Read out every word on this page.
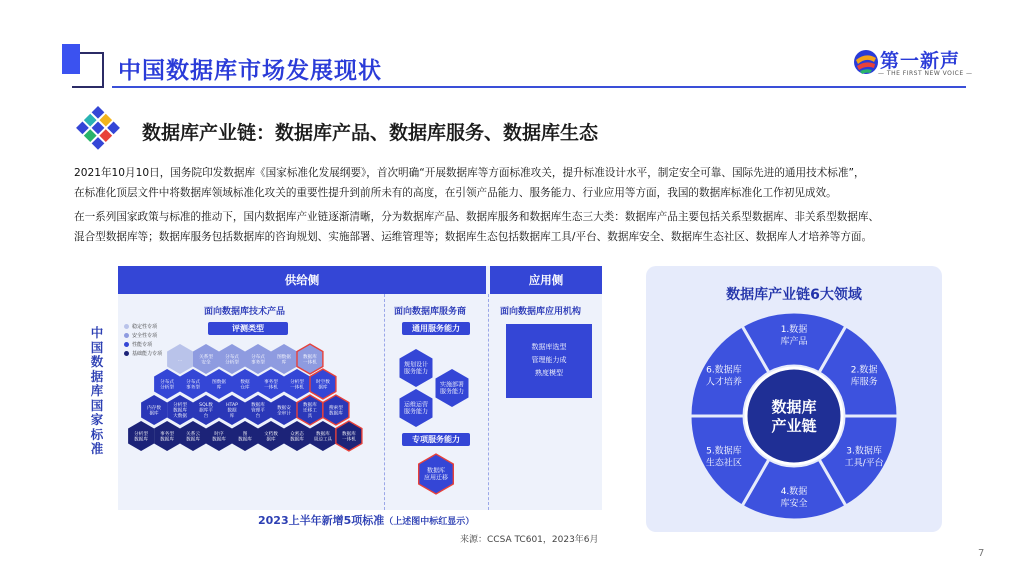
中国数据库市场发展现状	第一新声
— THE FIRST NEW VOICE —
数据库产业链：数据库产品、数据库服务、数据库生态
2021年10月10日，国务院印发数据库《国家标准化发展纲要》，首次明确“开展数据库等方面标准攻关，提升标准设计水平，制定安全可靠、国际先进的通用技术标准”，
在标准化顶层文件中将数据库领域标准化攻关的重要性提升到前所未有的高度，在引领产品能力、服务能力、行业应用等方面，我国的数据库标准化工作初见成效。
在一系列国家政策与标准的推动下，国内数据库产业链逐渐清晰，分为数据库产品、数据库服务和数据库生态三大类：数据库产品主要包括关系型数据库、非关系型数据库、
混合型数据库等；数据库服务包括数据库的咨询规划、实施部署、运维管理等；数据库生态包括数据库工具/平台、数据库安全、数据库生态社区、数据库人才培养等方面。
中国数据库国家标准
供给侧	应用侧
面向数据库技术产品
评测类型
稳定性专项
安全性专项
性能专项
基础能力专项
面向数据库服务商
通用服务能力
专项服务能力
面向数据库应用机构
数据库选型
管理能力成
熟度模型
…
关系型安全
分布式分析型
分布式事务型
图数据库
数据库一体机
分布式分析型
分布式事务型
图数据库
数据仓库
事务型一体机
分析型一体机
时空数据库
内存数据库
分析型数据库大数据
SQL数据库平台
HTAP 数据库
数据库管理平台
数据安全审计
数据库迁移工具
搜索型数据库
分析型数据库
事务型数据库
关系云数据库
时序数据库
图数据库
文档数据库
众密态数据库
数据库周边工具
数据库一体机
规划设计服务能力
实施部署服务能力
运维运营服务能力
数据库应用迁移
2023上半年新增5项标准（上述图中标红显示）
来源：CCSA TC601，2023年6月
数据库产业链6大领域
1.数据库产品
2.数据库服务
3.数据库工具/平台
4.数据库安全
5.数据库生态社区
6.数据库人才培养
数据库产业链
7
